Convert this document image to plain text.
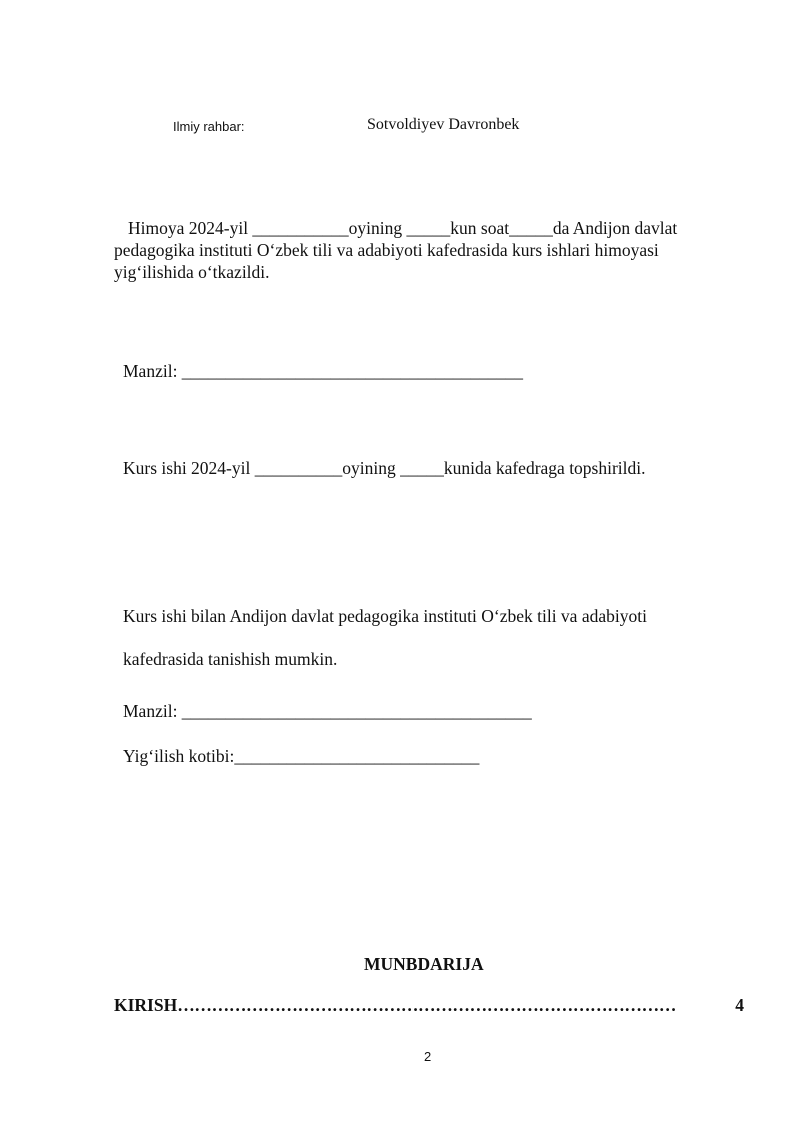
Ilmiy rahbar:	Sotvoldiyev Davronbek
Himoya 2024-yil ___________oyining _____kun soat_____da Andijon davlat pedagogika instituti O‘zbek tili va adabiyoti kafedrasida kurs ishlari himoyasi yig‘ilishida o‘tkazildi.
Manzil: _______________________________________
Kurs ishi 2024-yil __________oyining _____kunida kafedraga topshirildi.
Kurs ishi bilan Andijon davlat pedagogika instituti O‘zbek tili va adabiyoti
kafedrasida tanishish mumkin.
Manzil: ________________________________________
Yig‘ilish kotibi:____________________________
MUNBDARIJA
KIRISH ……………………………………………………………………………	4
2
